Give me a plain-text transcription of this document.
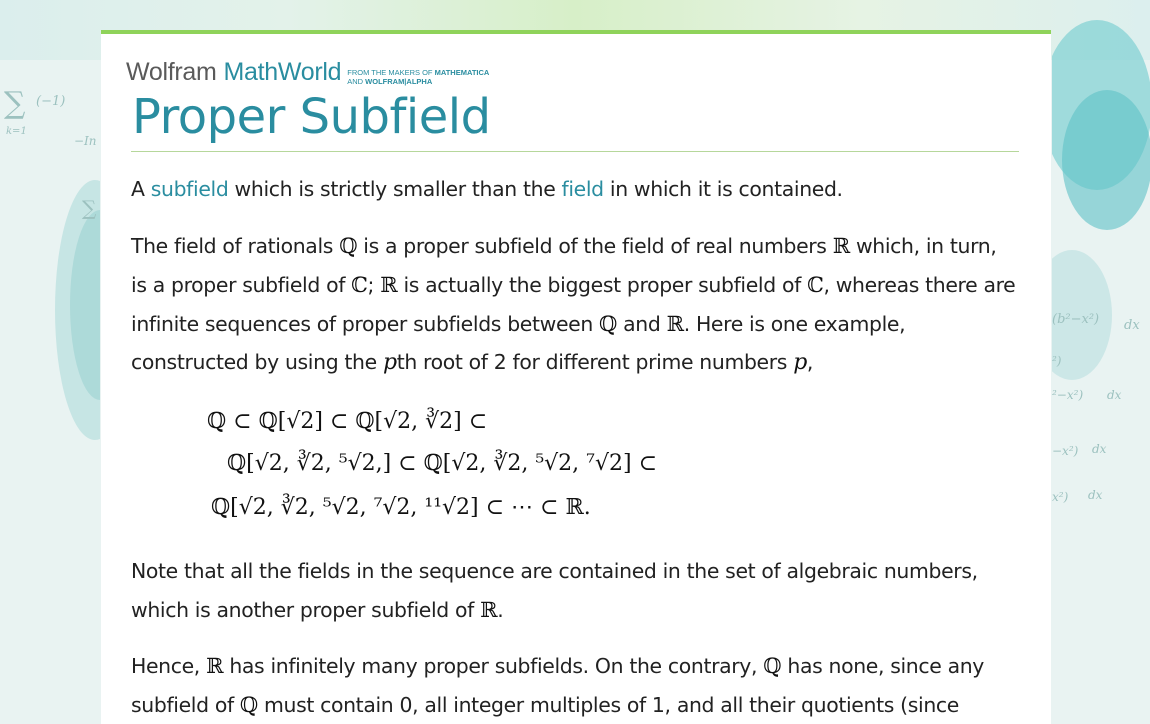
∑ (−1)
k=1
−In
∑
(b²−x²) dx
²)
²−x²) dx
−x²) dx
x²) dx
Wolfram MathWorld FROM THE MAKERS OF MATHEMATICA
AND WOLFRAM|ALPHA
Proper Subfield

A subfield which is strictly smaller than the field in which it is contained.

The field of rationals ℚ is a proper subfield of the field of real numbers ℝ which, in turn,
is a proper subfield of ℂ; ℝ is actually the biggest proper subfield of ℂ, whereas there are
infinite sequences of proper subfields between ℚ and ℝ. Here is one example,
constructed by using the pth root of 2 for different prime numbers p,

ℚ ⊂ ℚ[√2] ⊂ ℚ[√2, ∛2] ⊂
ℚ[√2, ∛2, ⁵√2,] ⊂ ℚ[√2, ∛2, ⁵√2, ⁷√2] ⊂
ℚ[√2, ∛2, ⁵√2, ⁷√2, ¹¹√2] ⊂ ⋯ ⊂ ℝ.

Note that all the fields in the sequence are contained in the set of algebraic numbers,
which is another proper subfield of ℝ.

Hence, ℝ has infinitely many proper subfields. On the contrary, ℚ has none, since any
subfield of ℚ must contain 0, all integer multiples of 1, and all their quotients (since
